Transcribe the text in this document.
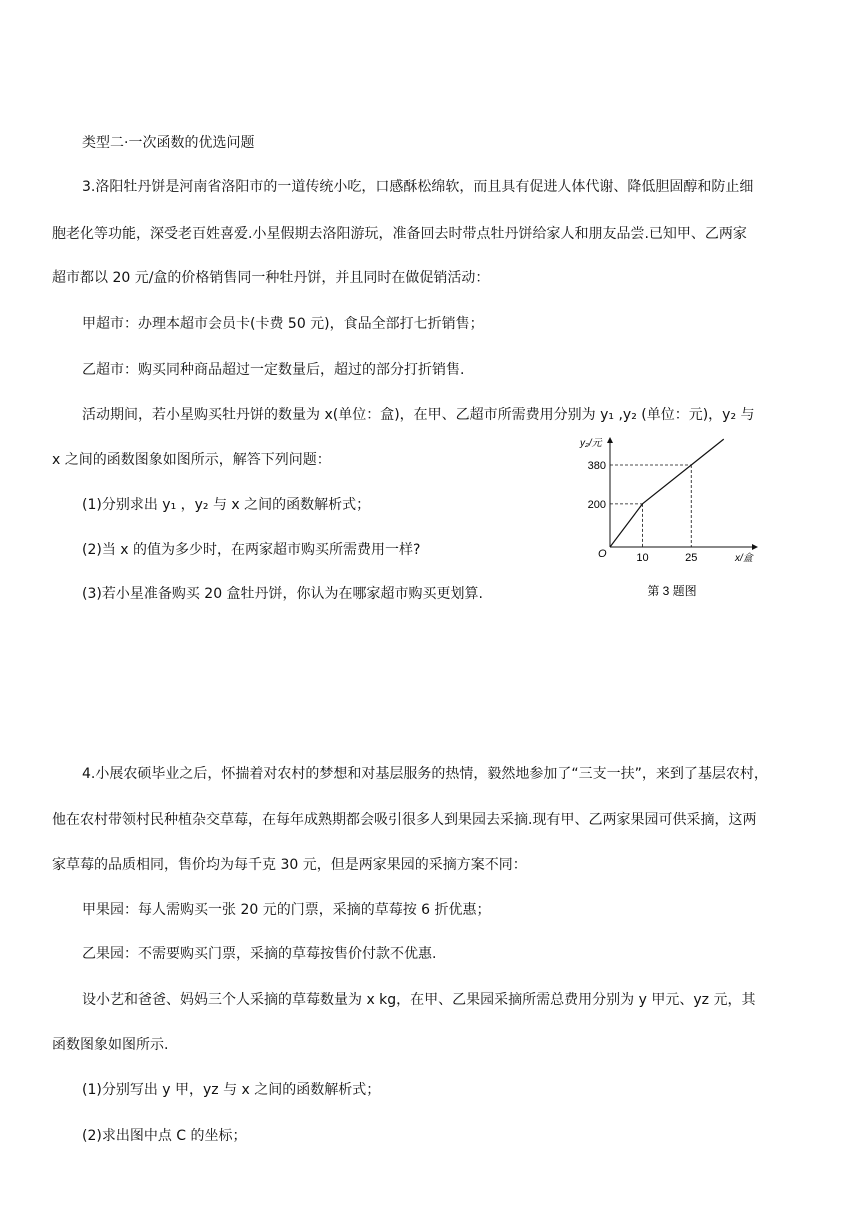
类型二·一次函数的优选问题
3.洛阳牡丹饼是河南省洛阳市的一道传统小吃，口感酥松绵软，而且具有促进人体代谢、降低胆固醇和防止细
胞老化等功能，深受老百姓喜爱.小星假期去洛阳游玩，准备回去时带点牡丹饼给家人和朋友品尝.已知甲、乙两家
超市都以 20 元/盒的价格销售同一种牡丹饼，并且同时在做促销活动：
甲超市：办理本超市会员卡(卡费 50 元)，食品全部打七折销售；
乙超市：购买同种商品超过一定数量后，超过的部分打折销售.
活动期间，若小星购买牡丹饼的数量为 x(单位：盒)，在甲、乙超市所需费用分别为 y₁ ,y₂ (单位：元)，y₂ 与
x 之间的函数图象如图所示，解答下列问题：
(1)分别求出 y₁ ，y₂ 与 x 之间的函数解析式；
(2)当 x 的值为多少时，在两家超市购买所需费用一样?
(3)若小星准备购买 20 盒牡丹饼，你认为在哪家超市购买更划算.
10	25
200
380
O
y₂/元
x/盒
第 3 题图
4.小展农硕毕业之后，怀揣着对农村的梦想和对基层服务的热情，毅然地参加了“三支一扶”，来到了基层农村，
他在农村带领村民种植杂交草莓，在每年成熟期都会吸引很多人到果园去采摘.现有甲、乙两家果园可供采摘，这两
家草莓的品质相同，售价均为每千克 30 元，但是两家果园的采摘方案不同：
甲果园：每人需购买一张 20 元的门票，采摘的草莓按 6 折优惠；
乙果园：不需要购买门票，采摘的草莓按售价付款不优惠.
设小艺和爸爸、妈妈三个人采摘的草莓数量为 x kg，在甲、乙果园采摘所需总费用分别为 y 甲元、yz 元，其
函数图象如图所示.
(1)分别写出 y 甲，yz 与 x 之间的函数解析式；
(2)求出图中点 C 的坐标；
